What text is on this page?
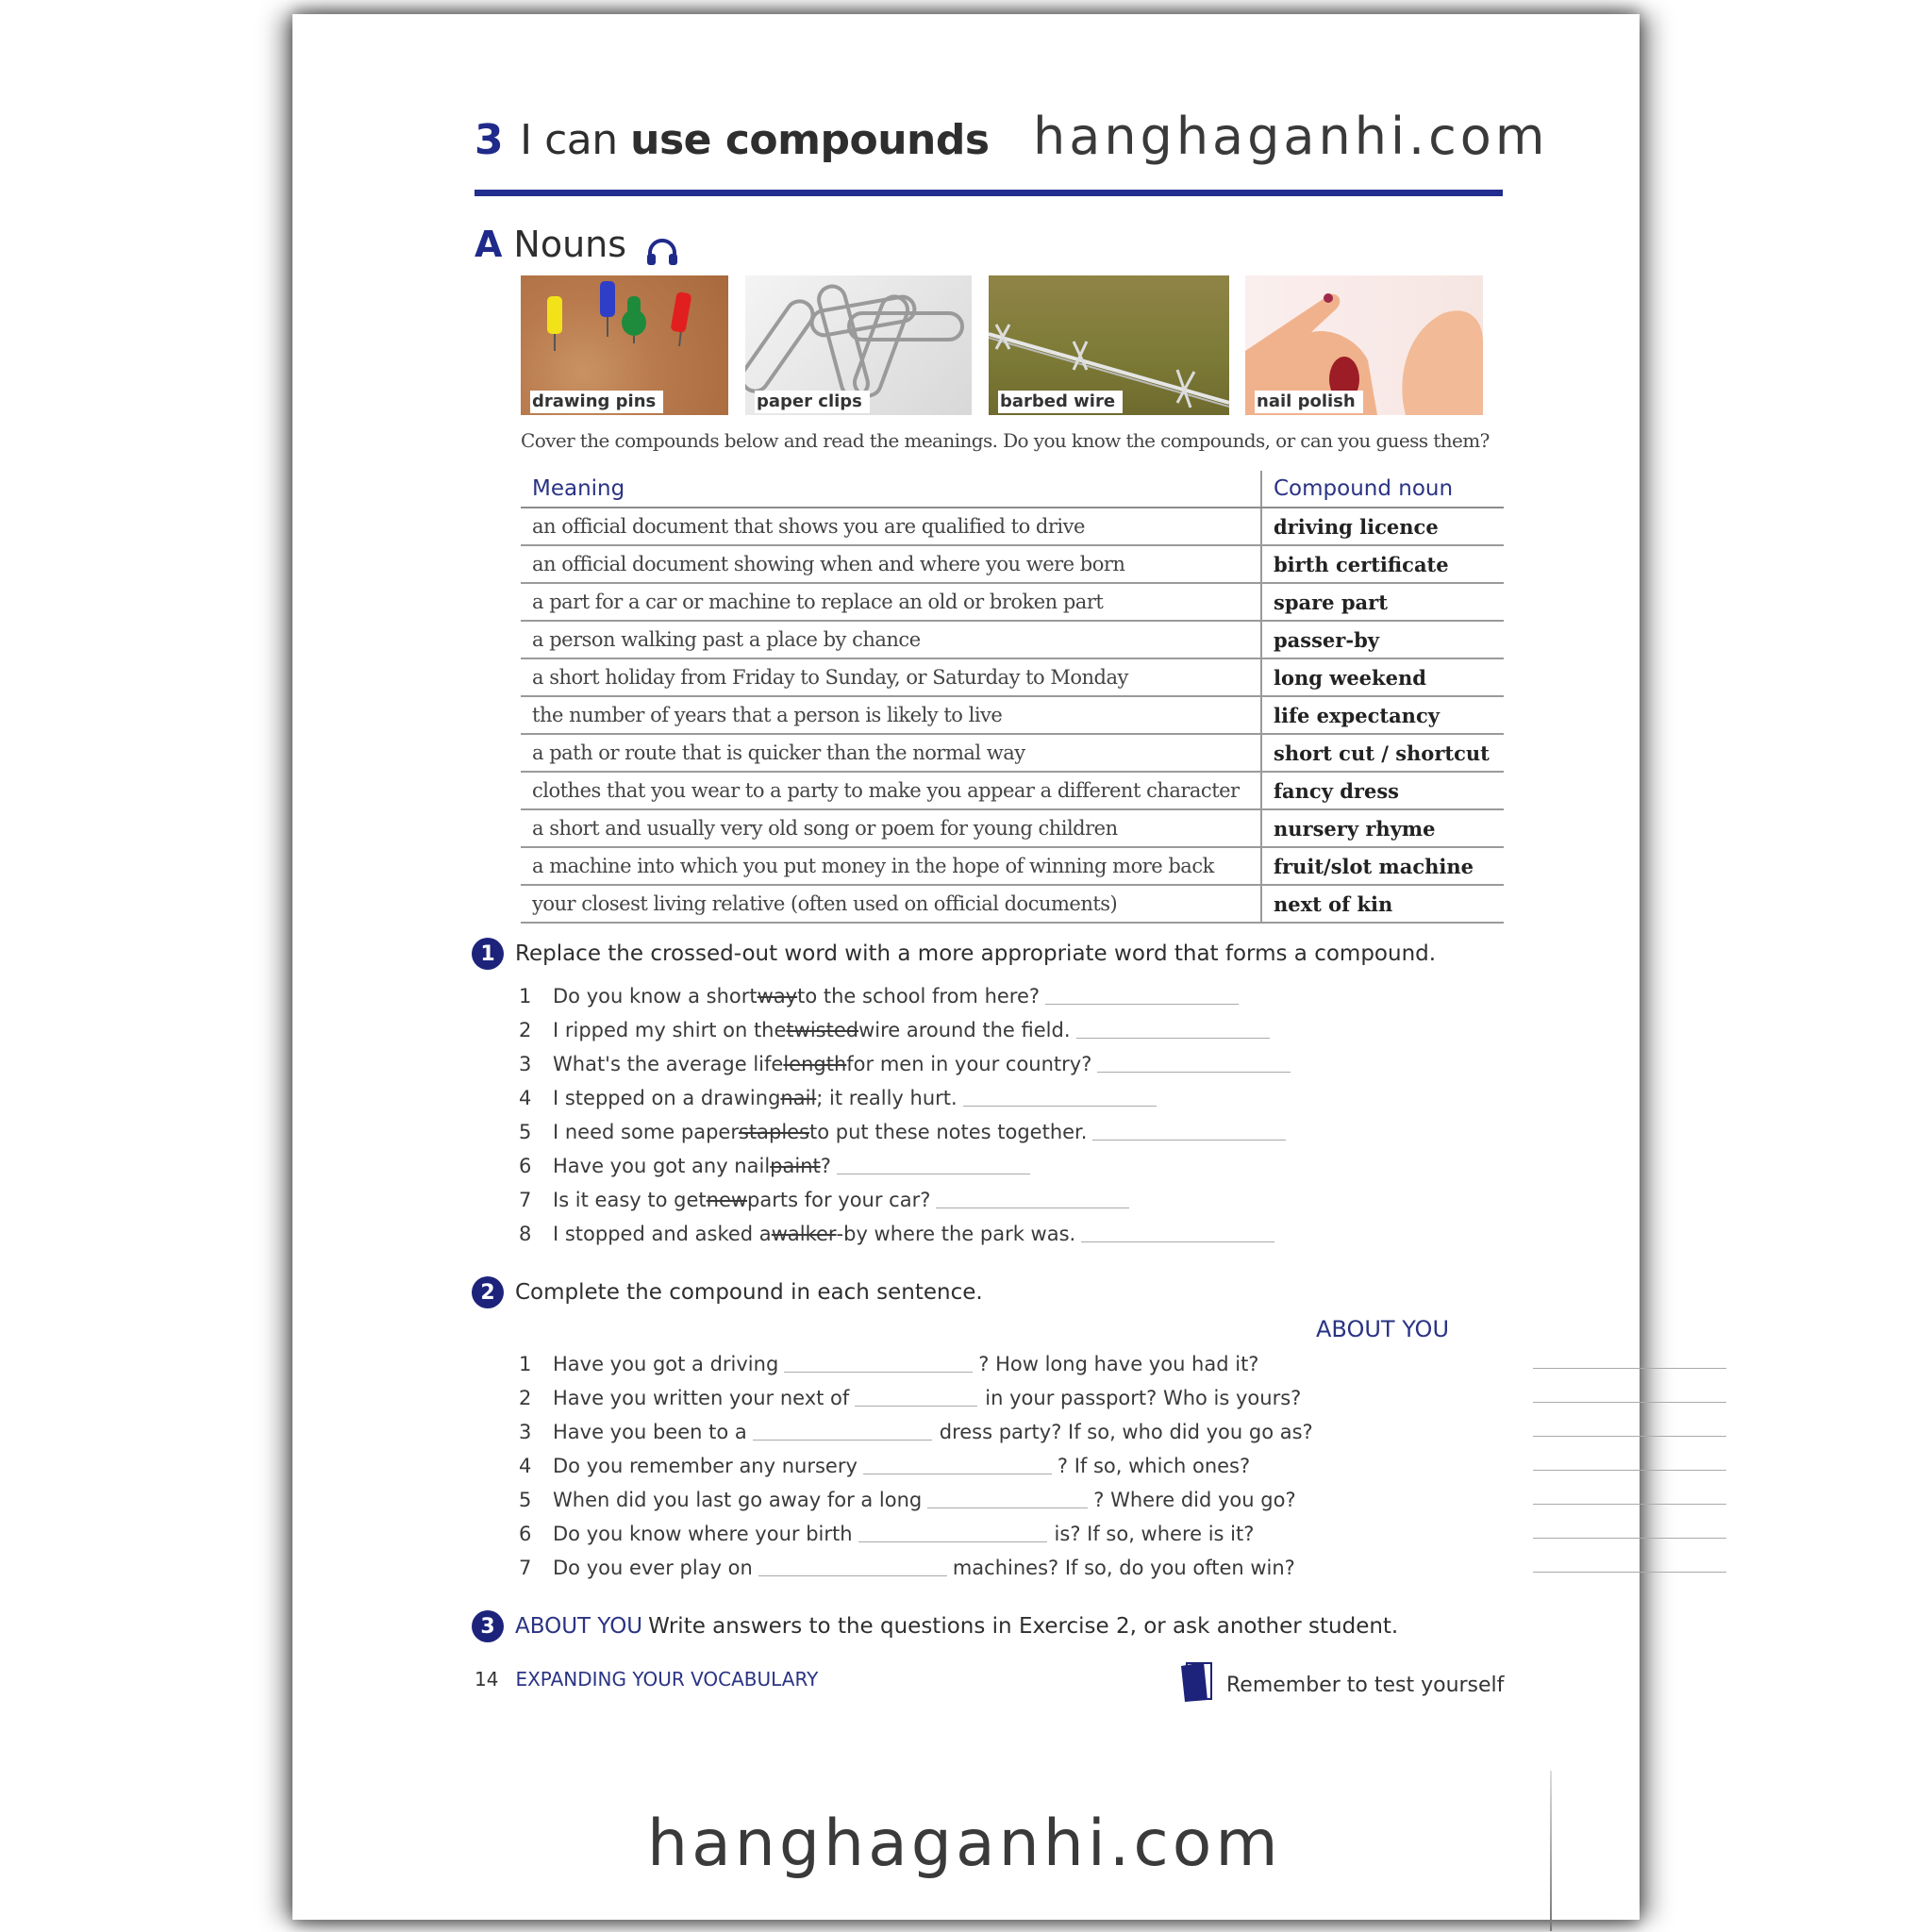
3 I can use compounds hanghaganhi.com
A Nouns
drawing pins	paper clips	barbed wire	nail polish
Cover the compounds below and read the meanings. Do you know the compounds, or can you guess them?
Meaning	Compound noun
an official document that shows you are qualified to drive	driving licence
an official document showing when and where you were born	birth certificate
a part for a car or machine to replace an old or broken part	spare part
a person walking past a place by chance	passer-by
a short holiday from Friday to Sunday, or Saturday to Monday	long weekend
the number of years that a person is likely to live	life expectancy
a path or route that is quicker than the normal way	short cut / shortcut
clothes that you wear to a party to make you appear a different character	fancy dress
a short and usually very old song or poem for young children	nursery rhyme
a machine into which you put money in the hope of winning more back	fruit/slot machine
your closest living relative (often used on official documents)	next of kin
1 Replace the crossed-out word with a more appropriate word that forms a compound.
1	Do you know a short way to the school from here?
2	I ripped my shirt on the twisted wire around the field.
3	What's the average life length for men in your country?
4	I stepped on a drawing nail ; it really hurt.
5	I need some paper staples to put these notes together.
6	Have you got any nail paint ?
7	Is it easy to get new parts for your car?
8	I stopped and asked a walker -by where the park was.
2 Complete the compound in each sentence.
ABOUT YOU
1	Have you got a driving	? How long have you had it?
2	Have you written your next of	in your passport? Who is yours?
3	Have you been to a	dress party? If so, who did you go as?
4	Do you remember any nursery	? If so, which ones?
5	When did you last go away for a long	? Where did you go?
6	Do you know where your birth	is? If so, where is it?
7	Do you ever play on	machines? If so, do you often win?
3 ABOUT YOU Write answers to the questions in Exercise 2, or ask another student.
14 EXPANDING YOUR VOCABULARY	Remember to test yourself
hanghaganhi.com
